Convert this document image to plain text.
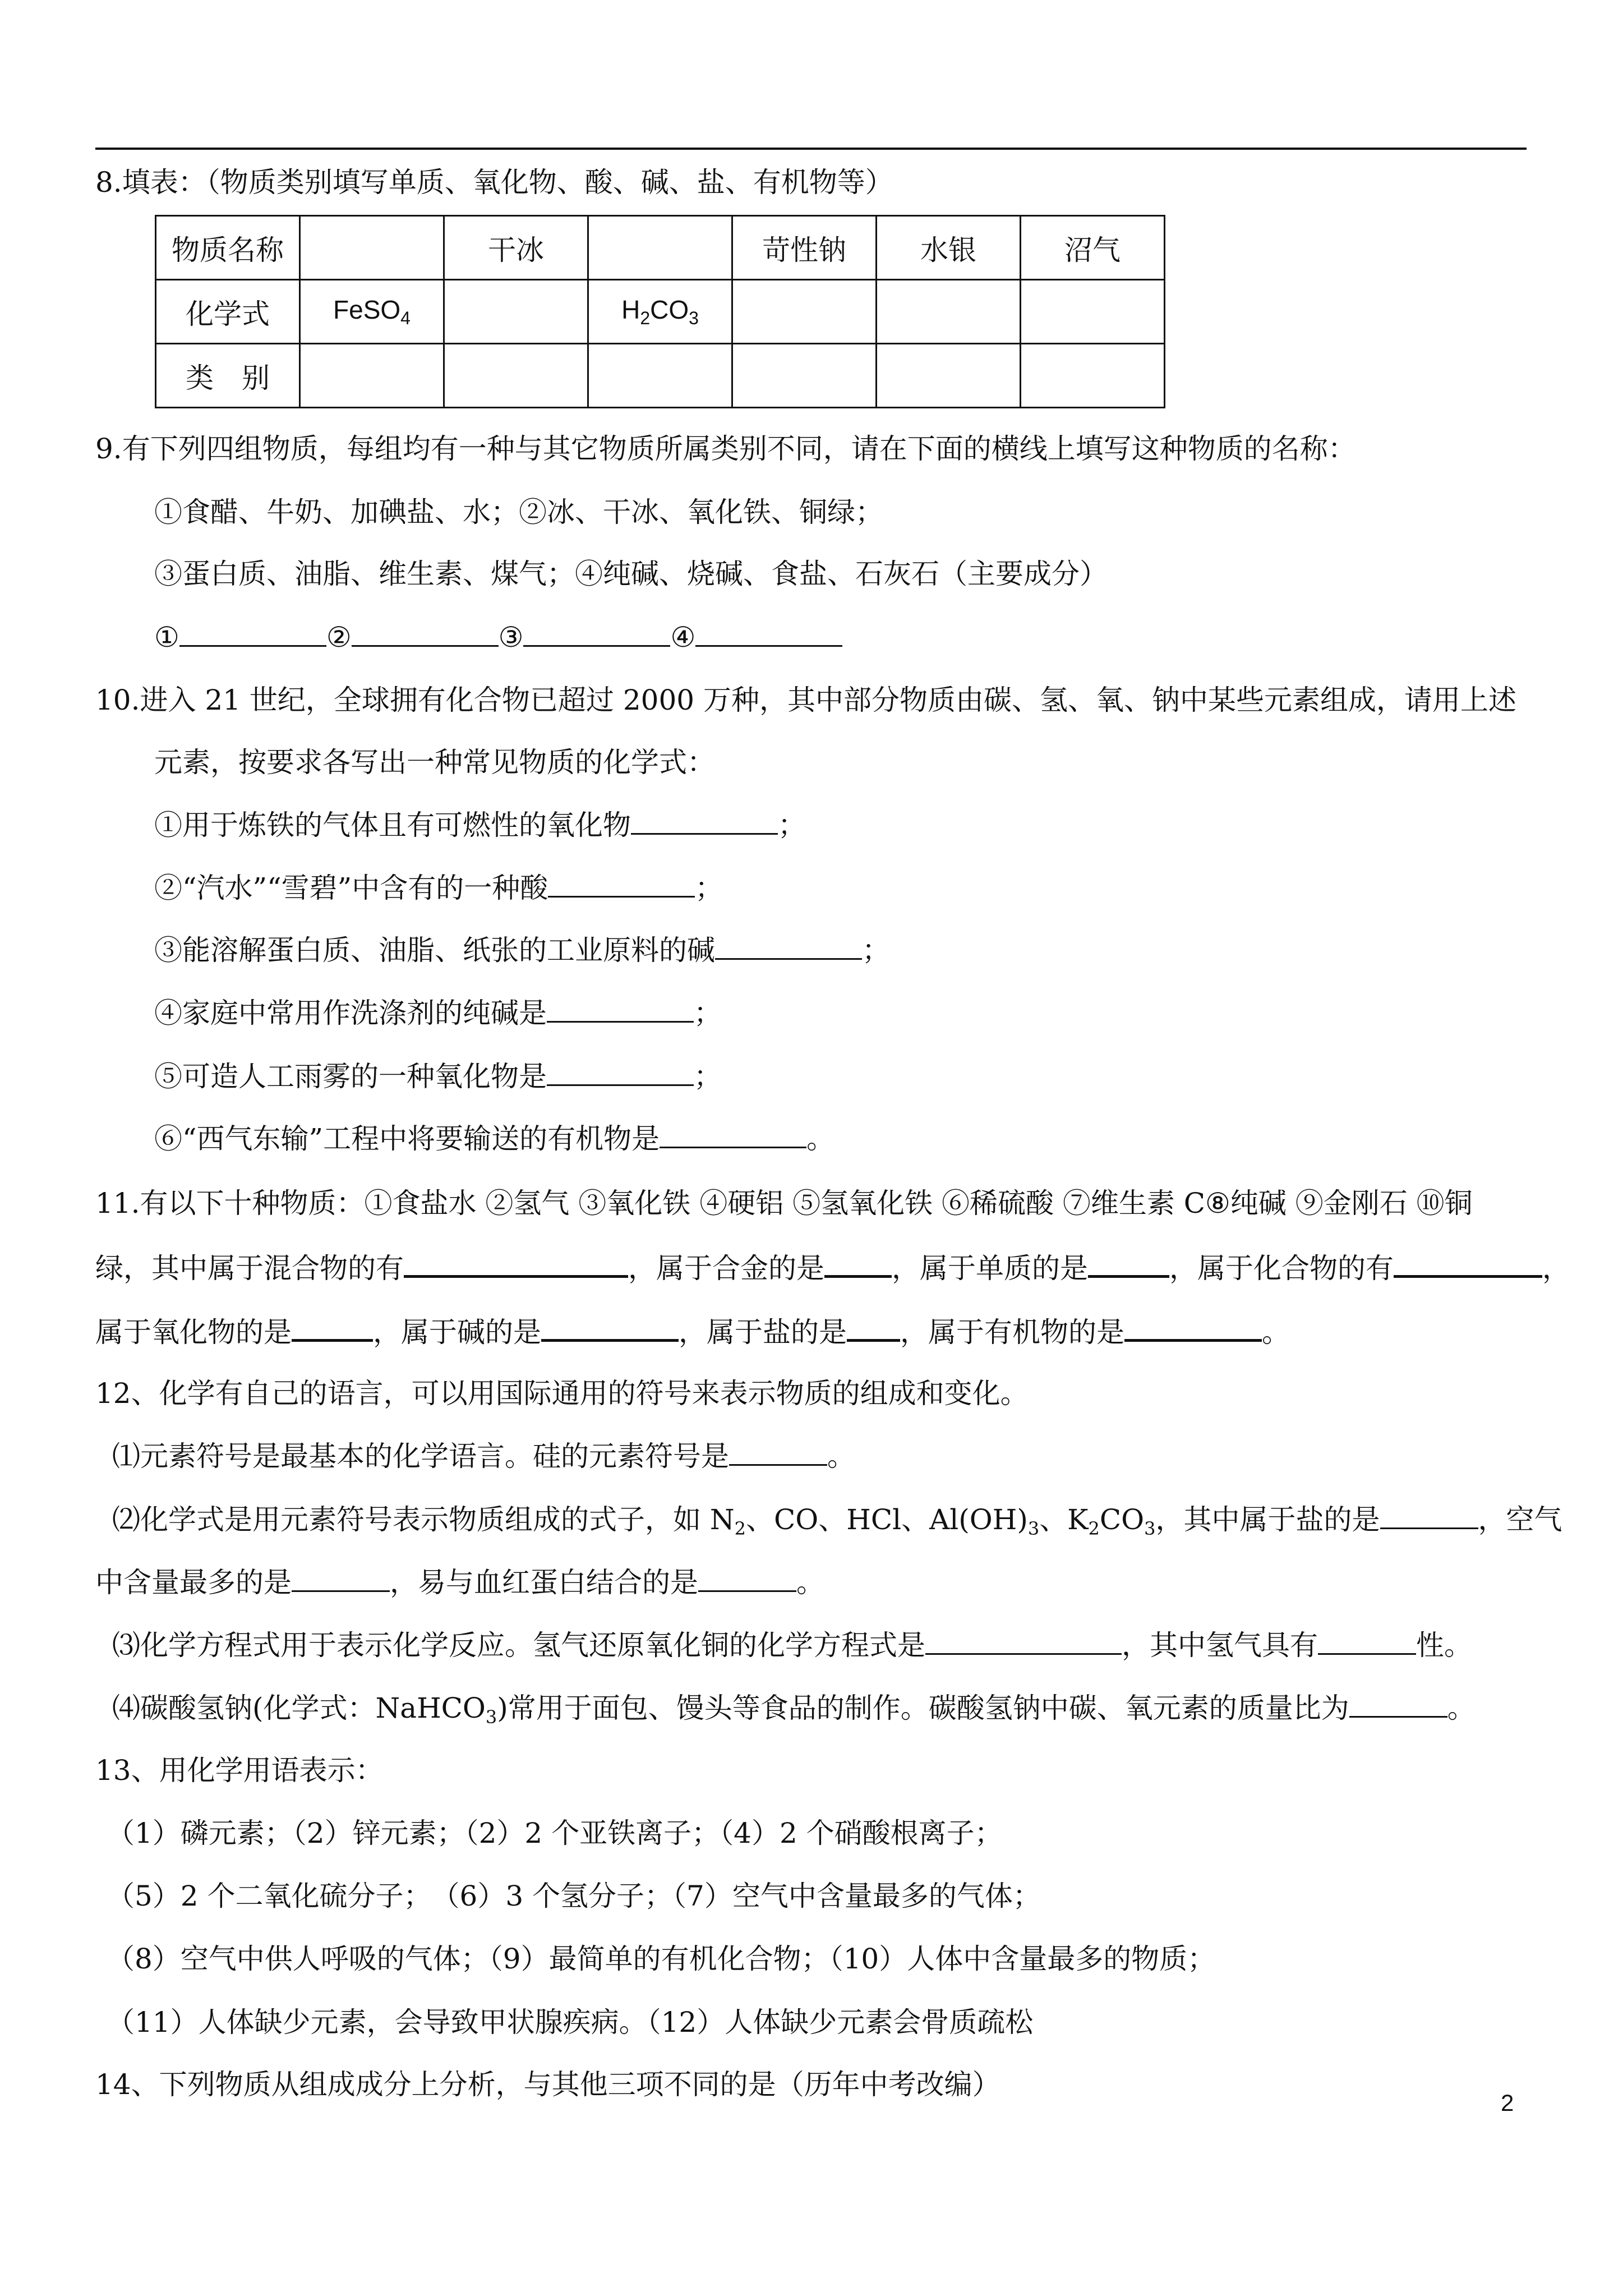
8.填表：（物质类别填写单质、氧化物、酸、碱、盐、有机物等）
物质名称		干冰		苛性钠	水银	沼气
化学式	FeSO$_4$		$H_2CO_3$			
类　别						
9.有下列四组物质，每组均有一种与其它物质所属类别不同，请在下面的横线上填写这种物质的名称：
①食醋、牛奶、加碘盐、水；②冰、干冰、氧化铁、铜绿；
③蛋白质、油脂、维生素、煤气；④纯碱、烧碱、食盐、石灰石（主要成分）
①	②	③	④
10.进入 21 世纪，全球拥有化合物已超过 2000 万种，其中部分物质由碳、氢、氧、钠中某些元素组成，请用上述
元素，按要求各写出一种常见物质的化学式：
①用于炼铁的气体且有可燃性的氧化物	；
②“汽水”“雪碧”中含有的一种酸	；
③能溶解蛋白质、油脂、纸张的工业原料的碱	；
④家庭中常用作洗涤剂的纯碱是	；
⑤可造人工雨雾的一种氧化物是	；
⑥“西气东输”工程中将要输送的有机物是	。
11.有以下十种物质：①食盐水 ②氢气 ③氧化铁 ④硬铝 ⑤氢氧化铁 ⑥稀硫酸 ⑦维生素 C⑧纯碱 ⑨金刚石 ⑩铜
绿，其中属于混合物的有	，属于合金的是 ，属于单质的是	，属于化合物的有	，
属于氧化物的是	，属于碱的是	，属于盐的是 ，属于有机物的是	。
12、化学有自己的语言，可以用国际通用的符号来表示物质的组成和变化。
⑴元素符号是最基本的化学语言。硅的元素符号是	。
⑵化学式是用元素符号表示物质组成的式子，如 $N_2$、CO、HCl、$Al(OH)_3$、$K_2CO_3$，其中属于盐的是	，空气
中含量最多的是	，易与血红蛋白结合的是	。
⑶化学方程式用于表示化学反应。氢气还原氧化铜的化学方程式是	，其中氢气具有	性。
⑷碳酸氢钠(化学式：NaHCO$_3$)常用于面包、馒头等食品的制作。碳酸氢钠中碳、氧元素的质量比为	。
13、用化学用语表示：
（1）磷元素；（2）锌元素；（2）2 个亚铁离子；（4）2 个硝酸根离子；
（5）2 个二氧化硫分子；　（6）3 个氢分子；（7）空气中含量最多的气体；
（8）空气中供人呼吸的气体；（9）最简单的有机化合物；（10）人体中含量最多的物质；
（11）人体缺少元素，会导致甲状腺疾病。（12）人体缺少元素会骨质疏松
14、下列物质从组成成分上分析，与其他三项不同的是（历年中考改编）
2
